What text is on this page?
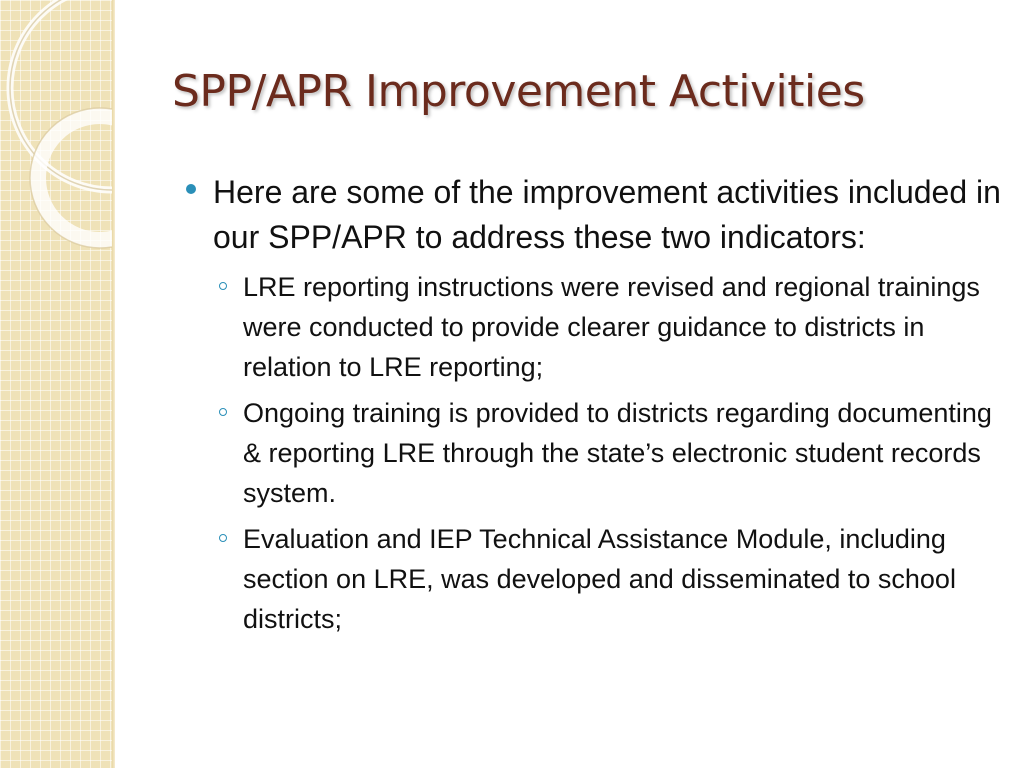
SPP/APR Improvement Activities
Here are some of the improvement activities included in our SPP/APR to address these two indicators:
LRE reporting instructions were revised and regional trainings were conducted to provide clearer guidance to districts in relation to LRE reporting;
Ongoing training is provided to districts regarding documenting & reporting LRE through the state’s electronic student records system.
Evaluation and IEP Technical Assistance Module, including section on LRE, was developed and disseminated to school districts;
